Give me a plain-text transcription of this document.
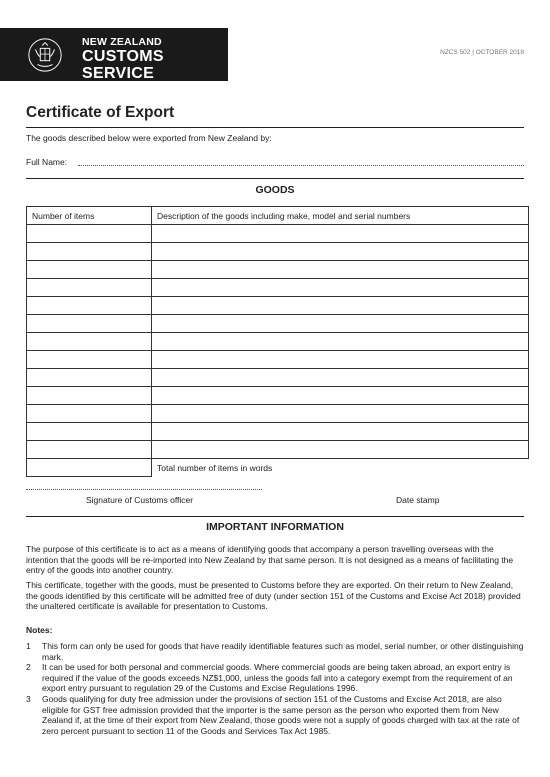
NEW ZEALAND
CUSTOMS SERVICE
TE MANA ĀRAI O AOTEAROA
NZCS 502 | OCTOBER 2018
Certificate of Export
The goods described below were exported from New Zealand by:
Full Name:
GOODS
Number of items	Description of the goods including make, model and serial numbers

	Total number of items in words
Signature of Customs officer	Date stamp
IMPORTANT INFORMATION
The purpose of this certificate is to act as a means of identifying goods that accompany a person travelling overseas with the intention that the goods will be re-imported into New Zealand by that same person. It is not designed as a means of facilitating the entry of the goods into another country.
This certificate, together with the goods, must be presented to Customs before they are exported. On their return to New Zealand, the goods identified by this certificate will be admitted free of duty (under section 151 of the Customs and Excise Act 2018) provided the unaltered certificate is available for presentation to Customs.
Notes:
1 This form can only be used for goods that have readily identifiable features such as model, serial number, or other distinguishing mark.
2 It can be used for both personal and commercial goods. Where commercial goods are being taken abroad, an export entry is required if the value of the goods exceeds NZ$1,000, unless the goods fall into a category exempt from the requirement of an export entry pursuant to regulation 29 of the Customs and Excise Regulations 1996.
3 Goods qualifying for duty free admission under the provisions of section 151 of the Customs and Excise Act 2018, are also eligible for GST free admission provided that the importer is the same person as the person who exported them from New Zealand if, at the time of their export from New Zealand, those goods were not a supply of goods charged with tax at the rate of zero percent pursuant to section 11 of the Goods and Services Tax Act 1985.
